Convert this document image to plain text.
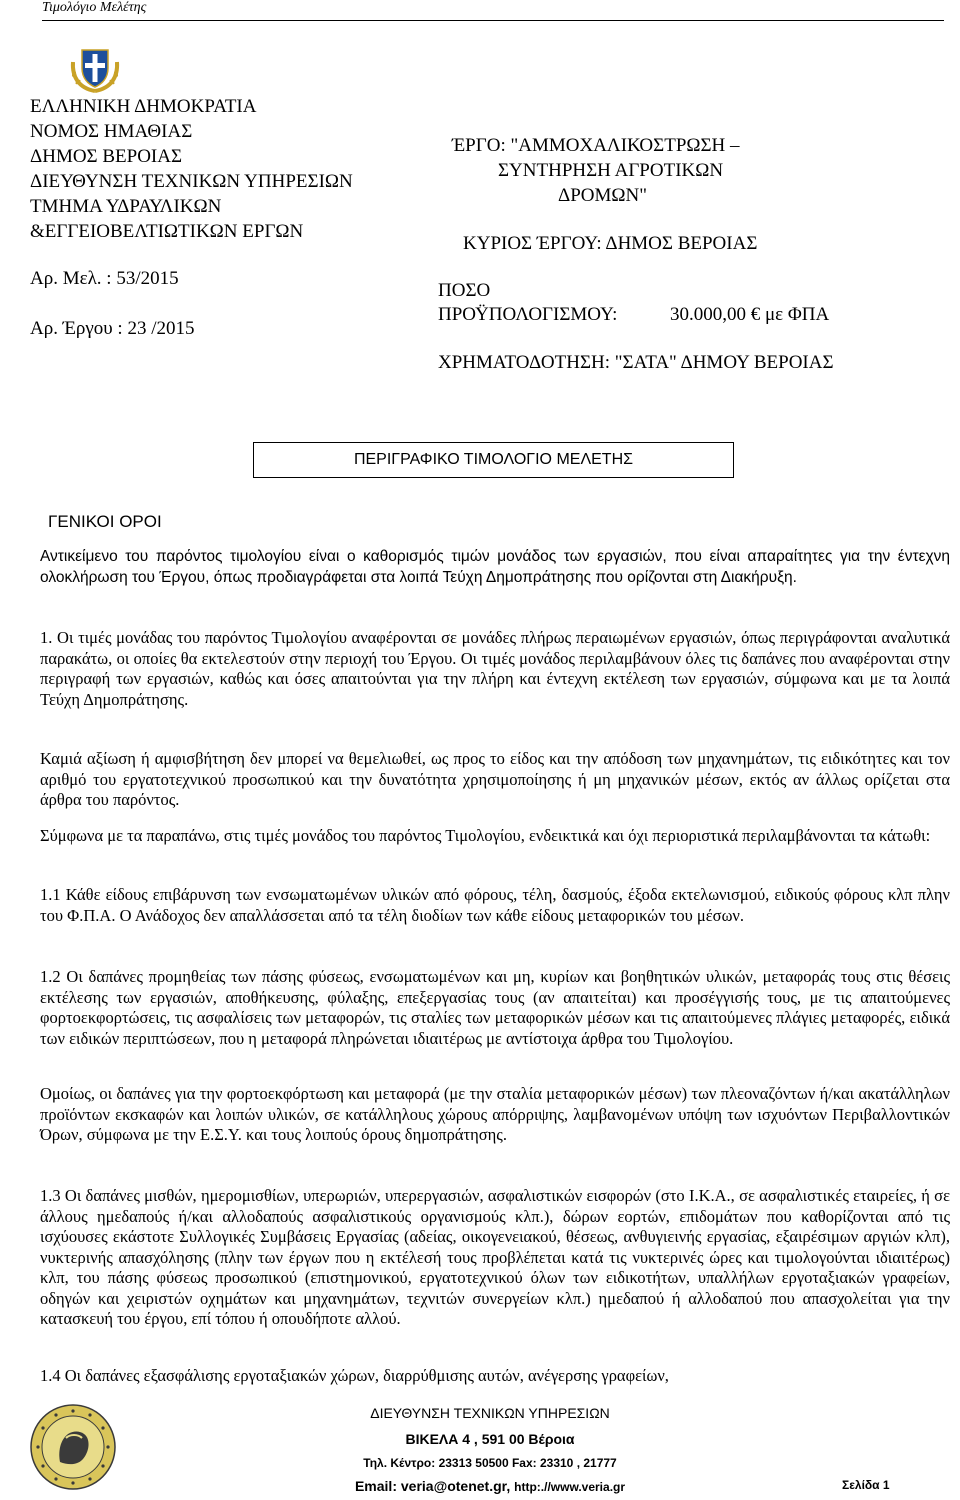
Τιμολόγιο Μελέτης
ΕΛΛΗΝΙΚΗ ΔΗΜΟΚΡΑΤΙΑ
ΝΟΜΟΣ ΗΜΑΘΙΑΣ
ΔΗΜΟΣ ΒΕΡΟΙΑΣ
ΔΙΕΥΘΥΝΣΗ ΤΕΧΝΙΚΩΝ ΥΠΗΡΕΣΙΩΝ
ΤΜΗΜΑ ΥΔΡΑΥΛΙΚΩΝ
&ΕΓΓΕΙΟΒΕΛΤΙΩΤΙΚΩΝ ΕΡΓΩΝ
Αρ. Μελ. : 53/2015
Αρ. Έργου : 23 /2015
ΈΡΓΟ: "ΑΜΜΟΧΑΛΙΚΟΣΤΡΩΣΗ –
ΣΥΝΤΗΡΗΣΗ ΑΓΡΟΤΙΚΩΝ
ΔΡΟΜΩΝ"
ΚΥΡΙΟΣ ΈΡΓΟΥ: ΔΗΜΟΣ ΒΕΡΟΙΑΣ
ΠΟΣΟ
ΠΡΟΫΠΟΛΟΓΙΣΜΟΥ:	30.000,00 € με ΦΠΑ
ΧΡΗΜΑΤΟΔΟΤΗΣΗ: "ΣΑΤΑ" ΔΗΜΟΥ ΒΕΡΟΙΑΣ
ΠΕΡΙΓΡΑΦΙΚΟ ΤΙΜΟΛΟΓΙΟ ΜΕΛΕΤΗΣ
ΓΕΝΙΚΟΙ ΟΡΟΙ
Αντικείμενο του παρόντος τιμολογίου είναι ο καθορισμός τιμών μονάδος των εργασιών, που είναι απαραίτητες για την έντεχνη ολοκλήρωση του Έργου, όπως προδιαγράφεται στα λοιπά Τεύχη Δημοπράτησης που ορίζονται στη Διακήρυξη.
1. Οι τιμές μονάδας του παρόντος Τιμολογίου αναφέρονται σε μονάδες πλήρως περαιωμένων εργασιών, όπως περιγράφονται αναλυτικά παρακάτω, οι οποίες θα εκτελεστούν στην περιοχή του Έργου. Οι τιμές μονάδος περιλαμβάνουν όλες τις δαπάνες που αναφέρονται στην περιγραφή των εργασιών, καθώς και όσες απαιτούνται για την πλήρη και έντεχνη εκτέλεση των εργασιών, σύμφωνα και με τα λοιπά Τεύχη Δημοπράτησης.
Καμιά αξίωση ή αμφισβήτηση δεν μπορεί να θεμελιωθεί, ως προς το είδος και την απόδοση των μηχανημάτων, τις ειδικότητες και τον αριθμό του εργατοτεχνικού προσωπικού και την δυνατότητα χρησιμοποίησης ή μη μηχανικών μέσων, εκτός αν άλλως ορίζεται στα άρθρα του παρόντος.
Σύμφωνα με τα παραπάνω, στις τιμές μονάδος του παρόντος Τιμολογίου, ενδεικτικά και όχι περιοριστικά περιλαμβάνονται τα κάτωθι:
1.1 Κάθε είδους επιβάρυνση των ενσωματωμένων υλικών από φόρους, τέλη, δασμούς, έξοδα εκτελωνισμού, ειδικούς φόρους κλπ πλην του Φ.Π.Α. Ο Ανάδοχος δεν απαλλάσσεται από τα τέλη διοδίων των κάθε είδους μεταφορικών του μέσων.
1.2 Οι δαπάνες προμηθείας των πάσης φύσεως, ενσωματωμένων και μη, κυρίων και βοηθητικών υλικών, μεταφοράς τους στις θέσεις εκτέλεσης των εργασιών, αποθήκευσης, φύλαξης, επεξεργασίας τους (αν απαιτείται) και προσέγγισής τους, με τις απαιτούμενες φορτοεκφορτώσεις, τις ασφαλίσεις των μεταφορών, τις σταλίες των μεταφορικών μέσων και τις απαιτούμενες πλάγιες μεταφορές, ειδικά των ειδικών περιπτώσεων, που η μεταφορά πληρώνεται ιδιαιτέρως με αντίστοιχα άρθρα του Τιμολογίου.
Ομοίως, οι δαπάνες για την φορτοεκφόρτωση και μεταφορά (με την σταλία μεταφορικών μέσων) των πλεοναζόντων ή/και ακατάλληλων προϊόντων εκσκαφών και λοιπών υλικών, σε κατάλληλους χώρους απόρριψης, λαμβανομένων υπόψη των ισχυόντων Περιβαλλοντικών Όρων, σύμφωνα με την Ε.Σ.Υ. και τους λοιπούς όρους δημοπράτησης.
1.3 Οι δαπάνες μισθών, ημερομισθίων, υπερωριών, υπερεργασιών, ασφαλιστικών εισφορών (στο Ι.Κ.Α., σε ασφαλιστικές εταιρείες, ή σε άλλους ημεδαπούς ή/και αλλοδαπούς ασφαλιστικούς οργανισμούς κλπ.), δώρων εορτών, επιδομάτων που καθορίζονται από τις ισχύουσες εκάστοτε Συλλογικές Συμβάσεις Εργασίας (αδείας, οικογενειακού, θέσεως, ανθυγιεινής εργασίας, εξαιρέσιμων αργιών κλπ), νυκτερινής απασχόλησης (πλην των έργων που η εκτέλεσή τους προβλέπεται κατά τις νυκτερινές ώρες και τιμολογούνται ιδιαιτέρως) κλπ, του πάσης φύσεως προσωπικού (επιστημονικού, εργατοτεχνικού όλων των ειδικοτήτων, υπαλλήλων εργοταξιακών γραφείων, οδηγών και χειριστών οχημάτων και μηχανημάτων, τεχνιτών συνεργείων κλπ.) ημεδαπού ή αλλοδαπού που απασχολείται για την κατασκευή του έργου, επί τόπου ή οπουδήποτε αλλού.
1.4 Οι δαπάνες εξασφάλισης εργοταξιακών χώρων, διαρρύθμισης αυτών, ανέγερσης γραφείων,
ΔΙΕΥΘΥΝΣΗ ΤΕΧΝΙΚΩΝ ΥΠΗΡΕΣΙΩΝ
ΒΙΚΕΛΑ 4 , 591 00 Βέροια
Τηλ. Κέντρο: 23313 50500 Fax: 23310 , 21777
Email: veria@otenet.gr, http:.//www.veria.gr	Σελίδα 1
